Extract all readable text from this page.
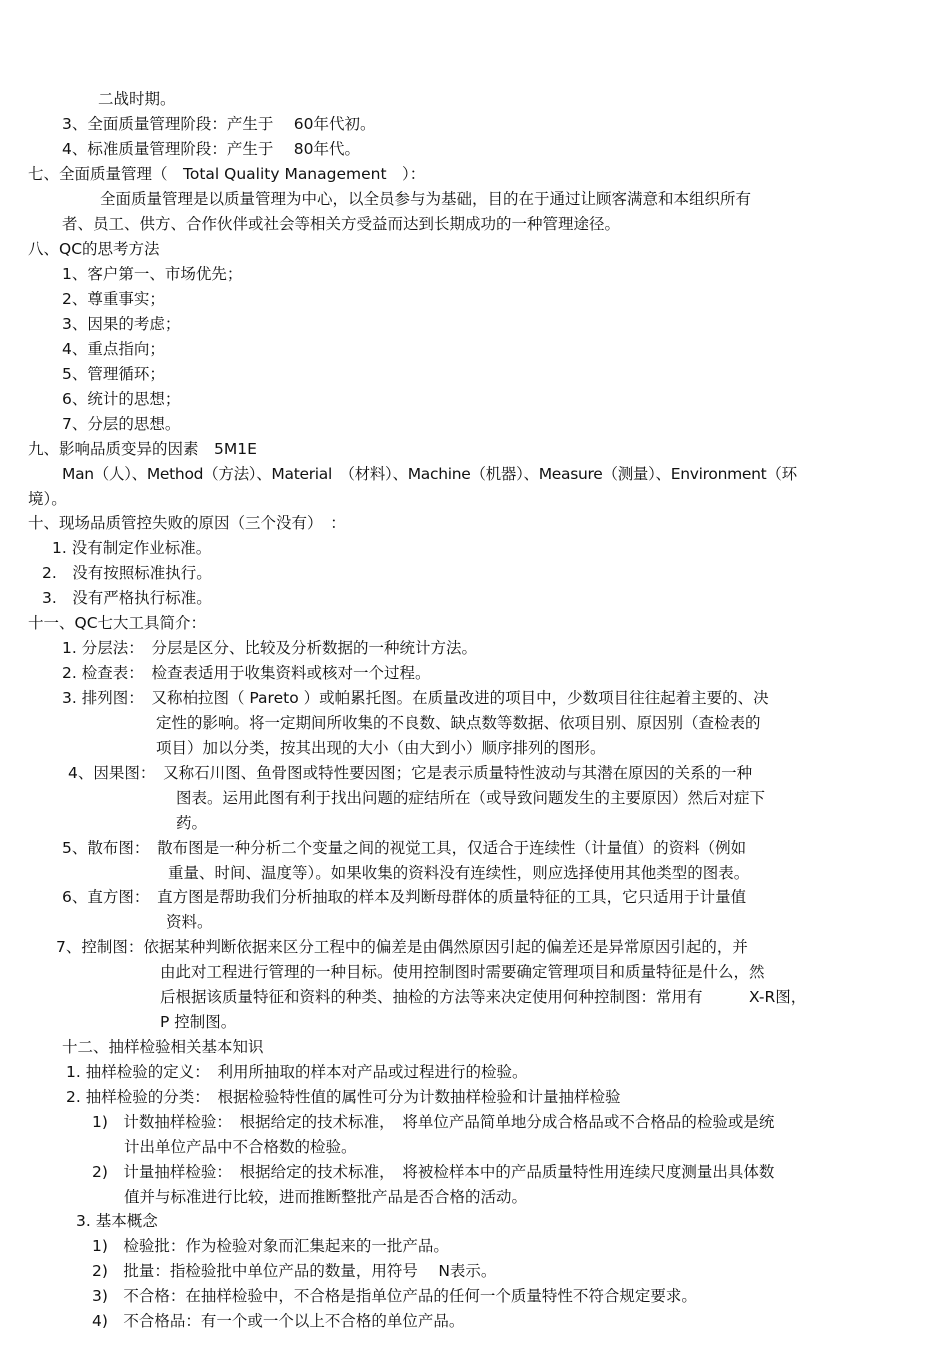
二战时期。
3、全面质量管理阶段：产生于　 60年代初。
4、标准质量管理阶段：产生于　 80年代。
七、全面质量管理（　Total Quality Management　）：
全面质量管理是以质量管理为中心，以全员参与为基础，目的在于通过让顾客满意和本组织所有
者、员工、供方、合作伙伴或社会等相关方受益而达到长期成功的一种管理途径。
八、QC的思考方法
1、客户第一、市场优先；
2、尊重事实；
3、因果的考虑；
4、重点指向；
5、管理循环；
6、统计的思想；
7、分层的思想。
九、影响品质变异的因素　5M1E
Man（人）、Method（方法）、Material　（材料）、Machine（机器）、Measure（测量）、Environment（环
境）。
十、现场品质管控失败的原因（三个没有）　：
1. 没有制定作业标准。
2.　没有按照标准执行。
3.　没有严格执行标准。
十一、QC七大工具简介：
1. 分层法：　分层是区分、比较及分析数据的一种统计方法。
2. 检查表：　检查表适用于收集资料或核对一个过程。
3. 排列图：　又称柏拉图（ Pareto ）或帕累托图。在质量改进的项目中，少数项目往往起着主要的、决
定性的影响。将一定期间所收集的不良数、缺点数等数据、依项目别、原因别（查检表的
项目）加以分类，按其出现的大小（由大到小）顺序排列的图形。
4、因果图：　又称石川图、鱼骨图或特性要因图；它是表示质量特性波动与其潜在原因的关系的一种
图表。运用此图有利于找出问题的症结所在（或导致问题发生的主要原因）然后对症下
药。
5、散布图：　散布图是一种分析二个变量之间的视觉工具，仅适合于连续性（计量值）的资料（例如
重量、时间、温度等）。如果收集的资料没有连续性，则应选择使用其他类型的图表。
6、直方图：　直方图是帮助我们分析抽取的样本及判断母群体的质量特征的工具，它只适用于计量值
资料。
7、控制图：依据某种判断依据来区分工程中的偏差是由偶然原因引起的偏差还是异常原因引起的，并
由此对工程进行管理的一种目标。使用控制图时需要确定管理项目和质量特征是什么，然
后根据该质量特征和资料的种类、抽检的方法等来决定使用何种控制图：常用有　　　X-R图，
P 控制图。
十二、抽样检验相关基本知识
1. 抽样检验的定义：　利用所抽取的样本对产品或过程进行的检验。
2. 抽样检验的分类：　根据检验特性值的属性可分为计数抽样检验和计量抽样检验
1)　计数抽样检验：　根据给定的技术标准，　将单位产品简单地分成合格品或不合格品的检验或是统
计出单位产品中不合格数的检验。
2)　计量抽样检验：　根据给定的技术标准，　将被检样本中的产品质量特性用连续尺度测量出具体数
值并与标准进行比较，进而推断整批产品是否合格的活动。
3. 基本概念
1)　检验批：作为检验对象而汇集起来的一批产品。
2)　批量：指检验批中单位产品的数量，用符号　 N表示。
3)　不合格：在抽样检验中，不合格是指单位产品的任何一个质量特性不符合规定要求。
4)　不合格品：有一个或一个以上不合格的单位产品。
